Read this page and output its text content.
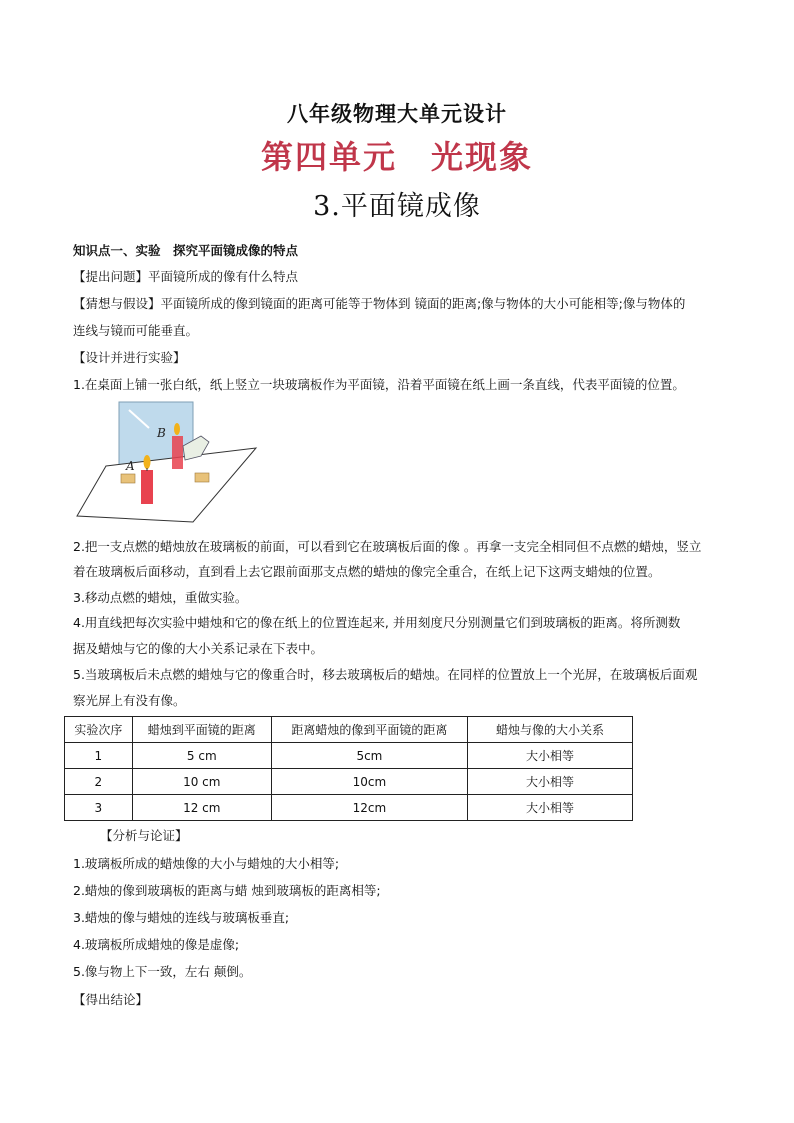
八年级物理大单元设计
第四单元　光现象
3.平面镜成像
知识点一、实验　探究平面镜成像的特点
【提出问题】平面镜所成的像有什么特点
【猜想与假设】平面镜所成的像到镜面的距离可能等于物体到 镜面的距离;像与物体的大小可能相等;像与物体的
连线与镜而可能垂直。
【设计并进行实验】
1.在桌面上铺一张白纸，纸上竖立一块玻璃板作为平面镜，沿着平面镜在纸上画一条直线，代表平面镜的位置。
B
A
2.把一支点燃的蜡烛放在玻璃板的前面，可以看到它在玻璃板后面的像 。再拿一支完全相同但不点燃的蜡烛，竖立
着在玻璃板后面移动，直到看上去它跟前面那支点燃的蜡烛的像完全重合，在纸上记下这两支蜡烛的位置。
3.移动点燃的蜡烛，重做实验。
4.用直线把每次实验中蜡烛和它的像在纸上的位置连起来, 并用刻度尺分别测量它们到玻璃板的距离。将所测数
据及蜡烛与它的像的大小关系记录在下表中。
5.当玻璃板后未点燃的蜡烛与它的像重合时，移去玻璃板后的蜡烛。在同样的位置放上一个光屏，在玻璃板后面观
察光屏上有没有像。
实验次序	蜡烛到平面镜的距离	距离蜡烛的像到平面镜的距离	蜡烛与像的大小关系
1	5 cm	5cm	大小相等
2	10 cm	10cm	大小相等
3	12 cm	12cm	大小相等
【分析与论证】
1.玻璃板所成的蜡烛像的大小与蜡烛的大小相等;
2.蜡烛的像到玻璃板的距离与蜡 烛到玻璃板的距离相等;
3.蜡烛的像与蜡烛的连线与玻璃板垂直;
4.玻璃板所成蜡烛的像是虚像;
5.像与物上下一致，左右 颠倒。
【得出结论】
